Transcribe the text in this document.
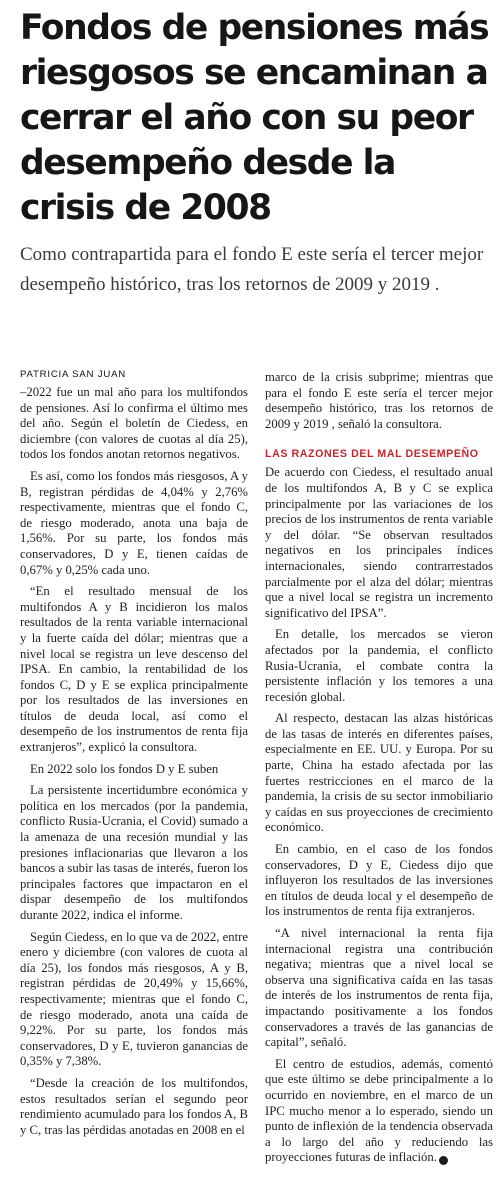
Fondos de pensiones más
riesgosos se encaminan a
cerrar el año con su peor
desempeño desde la
crisis de 2008
Como contrapartida para el fondo E este sería el tercer mejor
desempeño histórico, tras los retornos de 2009 y 2019 .
PATRICIA SAN JUAN

–2022 fue un mal año para los multifondos de pensiones. Así lo confirma el último mes del año. Según el boletín de Ciedess, en diciembre (con valores de cuotas al día 25), todos los fondos anotan retornos negativos.

Es así, como los fondos más riesgosos, A y B, registran pérdidas de 4,04% y 2,76% respectivamente, mientras que el fondo C, de riesgo moderado, anota una baja de 1,56%. Por su parte, los fondos más conservadores, D y E, tienen caídas de 0,67% y 0,25% cada uno.

“En el resultado mensual de los multifondos A y B incidieron los malos resultados de la renta variable internacional y la fuerte caída del dólar; mientras que a nivel local se registra un leve descenso del IPSA. En cambio, la rentabilidad de los fondos C, D y E se explica principalmente por los resultados de las inversiones en títulos de deuda local, así como el desempeño de los instrumentos de renta fija extranjeros”, explicó la consultora.

En 2022 solo los fondos D y E suben

La persistente incertidumbre económica y política en los mercados (por la pandemia, conflicto Rusia-Ucrania, el Covid) sumado a la amenaza de una recesión mundial y las presiones inflacionarias que llevaron a los bancos a subir las tasas de interés, fueron los principales factores que impactaron en el dispar desempeño de los multifondos durante 2022, indica el informe.

Según Ciedess, en lo que va de 2022, entre enero y diciembre (con valores de cuota al día 25), los fondos más riesgosos, A y B, registran pérdidas de 20,49% y 15,66%, respectivamente; mientras que el fondo C, de riesgo moderado, anota una caída de 9,22%. Por su parte, los fondos más conservadores, D y E, tuvieron ganancias de 0,35% y 7,38%.

“Desde la creación de los multifondos, estos resultados serían el segundo peor rendimiento acumulado para los fondos A, B y C, tras las pérdidas anotadas en 2008 en el

marco de la crisis subprime; mientras que para el fondo E este sería el tercer mejor desempeño histórico, tras los retornos de 2009 y 2019 , señaló la consultora.

LAS RAZONES DEL MAL DESEMPEÑO

De acuerdo con Ciedess, el resultado anual de los multifondos A, B y C se explica principalmente por las variaciones de los precios de los instrumentos de renta variable y del dólar. “Se observan resultados negativos en los principales índices internacionales, siendo contrarrestados parcialmente por el alza del dólar; mientras que a nivel local se registra un incremento significativo del IPSA”.

En detalle, los mercados se vieron afectados por la pandemia, el conflicto Rusia-Ucrania, el combate contra la persistente inflación y los temores a una recesión global.

Al respecto, destacan las alzas históricas de las tasas de interés en diferentes países, especialmente en EE. UU. y Europa. Por su parte, China ha estado afectada por las fuertes restricciones en el marco de la pandemia, la crisis de su sector inmobiliario y caídas en sus proyecciones de crecimiento económico.

En cambio, en el caso de los fondos conservadores, D y E, Ciedess dijo que influyeron los resultados de las inversiones en títulos de deuda local y el desempeño de los instrumentos de renta fija extranjeros.

“A nivel internacional la renta fija internacional registra una contribución negativa; mientras que a nivel local se observa una significativa caída en las tasas de interés de los instrumentos de renta fija, impactando positivamente a los fondos conservadores a través de las ganancias de capital”, señaló.

El centro de estudios, además, comentó que este último se debe principalmente a lo ocurrido en noviembre, en el marco de un IPC mucho menor a lo esperado, siendo un punto de inflexión de la tendencia observada a lo largo del año y reduciendo las proyecciones futuras de inflación. ✆
